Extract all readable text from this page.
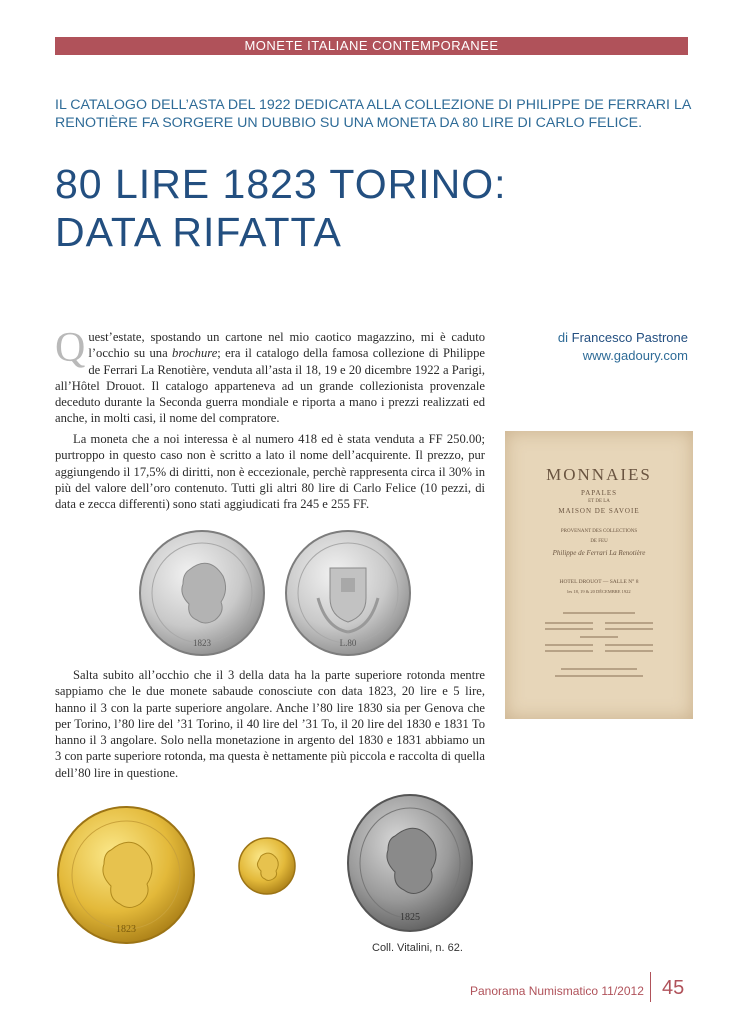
MONETE ITALIANE CONTEMPORANEE
IL CATALOGO DELL’ASTA DEL 1922 DEDICATA ALLA COLLEZIONE DI PHILIPPE DE FERRARI LA RENOTIÈRE FA SORGERE UN DUBBIO SU UNA MONETA DA 80 LIRE DI CARLO FELICE.
80 LIRE 1823 TORINO:
DATA RIFATTA

Quest’estate, spostando un cartone nel mio caotico magazzino, mi è caduto l’occhio su una brochure; era il catalogo della famosa collezione di Philippe de Ferrari La Renotière, venduta all’asta il 18, 19 e 20 dicembre 1922 a Parigi, all’Hôtel Drouot. Il catalogo apparteneva ad un grande collezionista provenzale deceduto durante la Seconda guerra mondiale e riporta a mano i prezzi realizzati ed anche, in molti casi, il nome del compratore.

La moneta che a noi interessa è al numero 418 ed è stata venduta a FF 250.00; purtroppo in questo caso non è scritto a lato il nome dell’acquirente. Il prezzo, pur aggiungendo il 17,5% di diritti, non è eccezionale, perchè rappresenta circa il 30% in più del valore dell’oro contenuto. Tutti gli altri 80 lire di Carlo Felice (10 pezzi, di data e zecca differenti) sono stati aggiudicati fra 245 e 255 FF.

Salta subito all’occhio che il 3 della data ha la parte superiore rotonda mentre sappiamo che le due monete sabaude conosciute con data 1823, 20 lire e 5 lire, hanno il 3 con la parte superiore angolare. Anche l’80 lire 1830 sia per Genova che per Torino, l’80 lire del ’31 Torino, il 40 lire del ’31 To, il 20 lire del 1830 e 1831 To hanno il 3 angolare. Solo nella monetazione in argento del 1830 e 1831 abbiamo un 3 con parte superiore rotonda, ma questa è nettamente più piccola e raccolta di quella dell’80 lire in questione.

di Francesco Pastrone
www.gadoury.com
MONNAIES
PAPALES
ET DE LA
MAISON DE SAVOIE
PROVENANT DES COLLECTIONS
DE FEU
Philippe de Ferrari La Renotière
HOTEL DROUOT — SALLE N° 8
les 18, 19 & 20 DÉCEMBRE 1922
1823	L.80
1823
1825
Coll. Vitalini, n. 62.
Panorama Numismatico 11/2012 45
